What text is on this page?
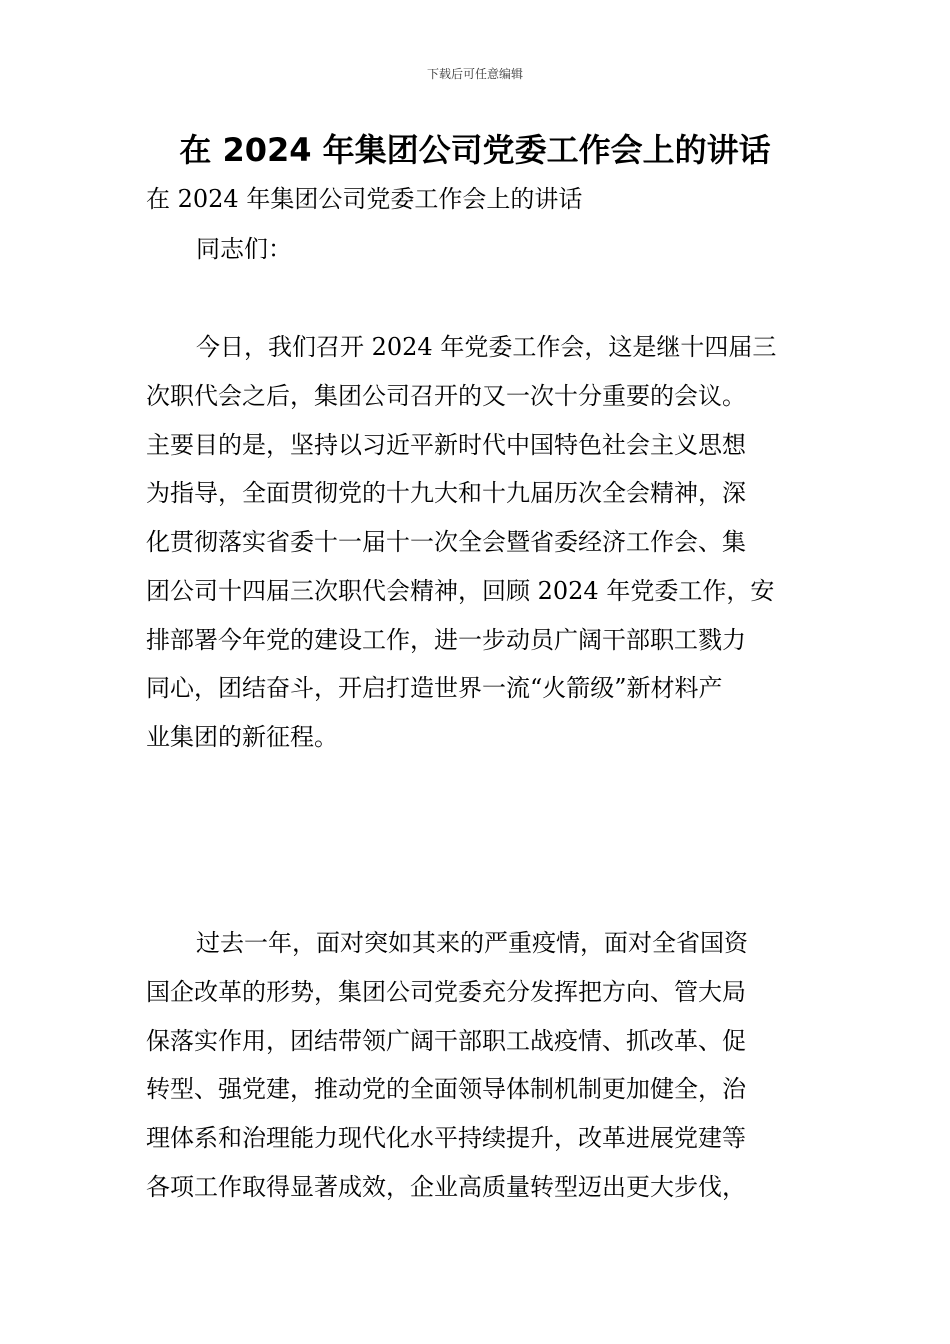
下载后可任意编辑
在 2024 年集团公司党委工作会上的讲话
在 2024 年集团公司党委工作会上的讲话
同志们：
今日，我们召开 2024 年党委工作会，这是继十四届三
次职代会之后，集团公司召开的又一次十分重要的会议。
主要目的是，坚持以习近平新时代中国特色社会主义思想
为指导，全面贯彻党的十九大和十九届历次全会精神，深
化贯彻落实省委十一届十一次全会暨省委经济工作会、集
团公司十四届三次职代会精神，回顾 2024 年党委工作，安
排部署今年党的建设工作，进一步动员广阔干部职工戮力
同心，团结奋斗，开启打造世界一流“火箭级”新材料产
业集团的新征程。
过去一年，面对突如其来的严重疫情，面对全省国资
国企改革的形势，集团公司党委充分发挥把方向、管大局
保落实作用，团结带领广阔干部职工战疫情、抓改革、促
转型、强党建，推动党的全面领导体制机制更加健全，治
理体系和治理能力现代化水平持续提升，改革进展党建等
各项工作取得显著成效，企业高质量转型迈出更大步伐，
